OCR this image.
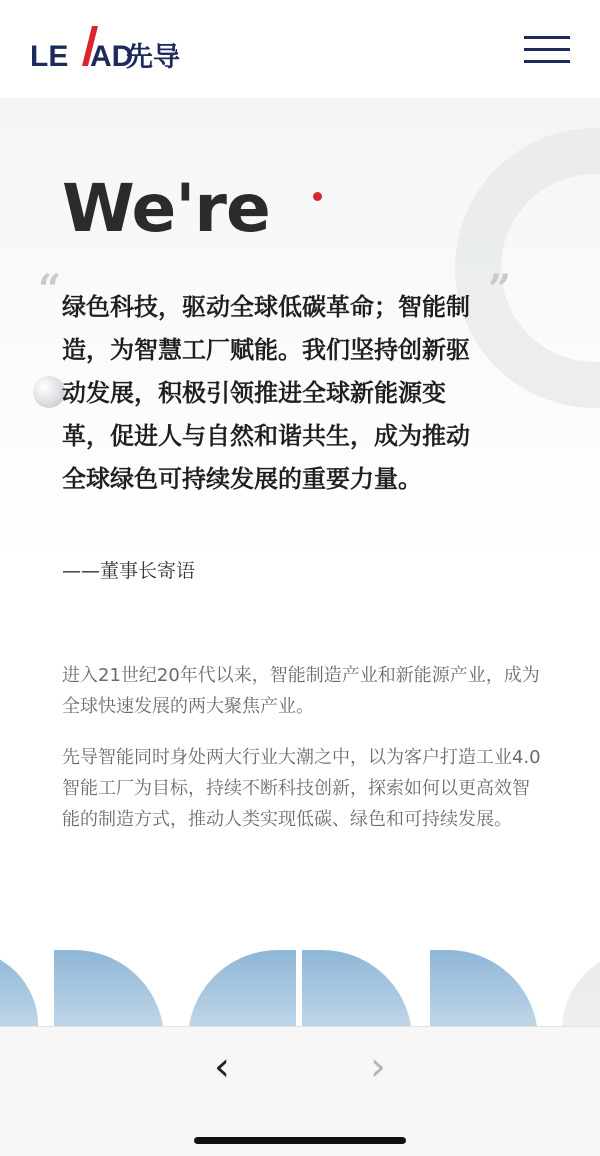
LE AD
先导
We're
“	”
绿色科技，驱动全球低碳革命；智能制造，为智慧工厂赋能。我们坚持创新驱动发展，积极引领推进全球新能源变革，促进人与自然和谐共生，成为推动全球绿色可持续发展的重要力量。
——董事长寄语
进入21世纪20年代以来，智能制造产业和新能源产业，成为全球快速发展的两大聚焦产业。
先导智能同时身处两大行业大潮之中，以为客户打造工业4.0智能工厂为目标，持续不断科技创新，探索如何以更高效智能的制造方式，推动人类实现低碳、绿色和可持续发展。
‹	›
